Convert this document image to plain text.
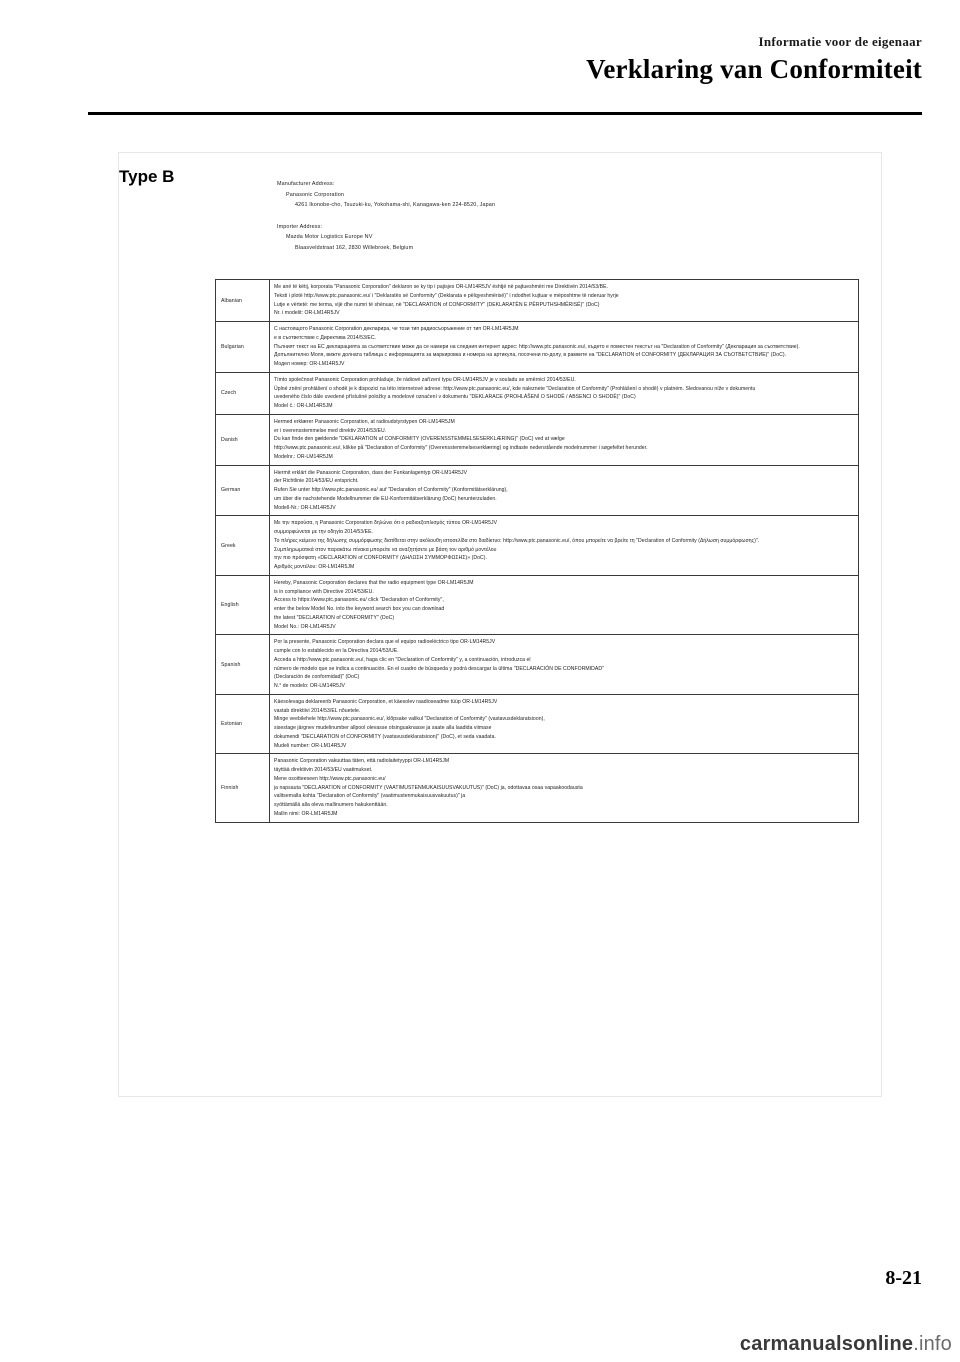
Informatie voor de eigenaar
Verklaring van Conformiteit
Type B	Manufacturer Address:
Panasonic Corporation
4261 Ikonobe-cho, Tsuzuki-ku, Yokohama-shi, Kanagawa-ken 224-8520, Japan
Importer Address:
Mazda Motor Logistics Europe NV
Blaasveldstraat 162, 2830 Willebroek, Belgium
Albanian	Me anë të këtij, korporata "Panasonic Corporation" deklaron se ky tip i pajisjes OR-LM14R5JV ështjë në pajtueshmëri me Direktivën 2014/53/BE.
Teksti i plotë http://www.ptc.panasonic.eu/ i "Deklaratës së Conformity" (Deklarata e pëlqyeshmërisë)" i ndodhet kujtuar e mëposhtme të nderuar hyrje
Lutje e vërtetë: me terma, vijë dhe numri të shënuar, në "DECLARATION of CONFORMITY" (DEKLARATËN E PËRPUTHSHMËRISË)" (DoC)
Nr. i modelit: OR-LM14R5JV

Bulgarian	С настоящото Panasonic Corporation декларира, че този тип радиосъоръжение от тип OR-LM14R5JM
е в съответствие с Директива 2014/53/ЕС.
Пълният текст на ЕС декларацията за съответствие може да се намери на следния интернет адрес: http://www.ptc.panasonic.eu/, където е поместен текстът на "Declaration of Conformity" (Декларация за съответствие).
Допълнително Моля, вижте долната таблица с информацията за маркировка и номера на артикула, посочени по-долу, в рамките на "DECLARATION of CONFORMITY (ДЕКЛАРАЦИЯ ЗА СЪОТВЕТСТВИЕ)" (DoC).
Модел номер: OR-LM14R5JV

Czech	Tímto společnost Panasonic Corporation prohlašuje, že rádiové zařízení typu OR-LM14R5JV je v souladu se směrnicí 2014/53/EU.
Úplné znění prohlášení o shodě je k dispozici na této internetové adrese: http://www.ptc.panasonic.eu/, kde naleznete "Declaration of Conformity" (Prohlášení o shodě) v platném. Sledovanou níže v dokumentu
uvedeného číslo dále uvedené příslušné položky a modelové označení v dokumentu "DEKLARACE (PROHLÁŠENÍ O SHODĚ / ABSENCI O SHODĚ)" (DoC)
Model č.: OR-LM14R5JM

Danish	Hermed erklærer Panasonic Corporation, at radioudstyrstypen OR-LM14R5JM
er i overensstemmelse med direktiv 2014/53/EU.
Du kan finde den gældende "DEKLARATION af CONFORMITY (OVERENSSTEMMELSESERKLÆRING)" (DoC) ved at vælge
http://www.ptc.panasonic.eu/, klikke på "Declaration of Conformity" (Overensstemmelseserklæring) og indtaste nedenstående modelnummer i søgefeltet herunder.
Modelnr.: OR-LM14R5JM

German	Hiermit erklärt die Panasonic Corporation, dass der Funkanlagentyp OR-LM14R5JV
der Richtlinie 2014/53/EU entspricht.
Rufen Sie unter http://www.ptc.panasonic.eu/ auf "Declaration of Conformity" (Konformitätserklärung),
um über die nachstehende Modellnummer die EU-Konformitätserklärung (DoC) herunterzuladen.
Modell-Nr.: OR-LM14R5JV

Greek	
Με την παρούσα, η Panasonic Corporation δηλώνει ότι ο ραδιοεξοπλισμός τύπου OR-LM14R5JV
συμμορφώνεται με την οδηγία 2014/53/ΕΕ.
Το πλήρες κείμενο της δήλωσης συμμόρφωσης διατίθεται στην ακόλουθη ιστοσελίδα στο διαδίκτυο: http://www.ptc.panasonic.eu/, όπου μπορείτε να βρείτε τη "Declaration of Conformity (Δήλωση συμμόρφωσης)".
Συμπληρωματικά στον παρακάτω πίνακα μπορείτε να αναζητήσετε με βάση τον αριθμό μοντέλου
την πιο πρόσφατη «DECLARATION of CONFORMITY (ΔΗΛΩΣΗ ΣΥΜΜΟΡΦΩΣΗΣ)» (DoC).
Αριθμός μοντέλου: OR-LM14R5JM

English	
Hereby, Panasonic Corporation declares that the radio equipment type OR-LM14R5JM
is in compliance with Directive 2014/53/EU.
Access to https://www.ptc.panasonic.eu/ click "Declaration of Conformity",
enter the below Model No. into the keyword search box you can download
the latest "DECLARATION of CONFORMITY" (DoC)
Model No.: OR-LM14R5JV

Spanish	
Por la presente, Panasonic Corporation declara que el equipo radioeléctrico tipo OR-LM14R5JV
cumple con lo establecido en la Directiva 2014/53/UE.
Acceda a http://www.ptc.panasonic.eu/, haga clic en "Declaration of Conformity" y, a continuación, introduzca el
número de modelo que se indica a continuación. En el cuadro de búsqueda y podrá descargar la última "DECLARACIÓN DE CONFORMIDAD"
(Declaración de conformidad)" (DoC)
N.° de modelo: OR-LM14R5JV

Estonian	
Käesolevaga deklareerib Panasonic Corporation, et käesolev raadioseadme tüüp OR-LM14R5JV
vastab direktiivi 2014/53/EL nõuetele.
Minge veebilehele http://www.ptc.panasonic.eu/, klõpsake valikul "Declaration of Conformity" (vastavusdeklaratsioon),
sisestage järgnev mudelinumber allpool olevasse otsinguaknasse ja saate alla laadida viimase
dokumendi "DECLARATION of CONFORMITY (vastavusdeklaratsioon)" (DoC), et seda vaadata.
Mudeli number: OR-LM14R5JV

Finnish	
Panasonic Corporation vakuuttaa täten, että radiolaitetyyppi OR-LM14R5JM
täyttää direktiivin 2014/53/EU vaatimukset.
Mene osoitteeseen http://www.ptc.panasonic.eu/
ja napsauta "DECLARATION of CONFORMITY (VAATIMUSTENMUKAISUUSVAKUUTUS)" (DoC) ja, odottavaa osaa vapaakoodausta
valitsemalla kohta "Declaration of Conformity" (vaatimustenmukaisuusvakuutus)" ja
syöttämällä alla oleva mallinumero hakukenttään.
Mallin nimi: OR-LM14R5JM
8-21
carmanualsonline.info
